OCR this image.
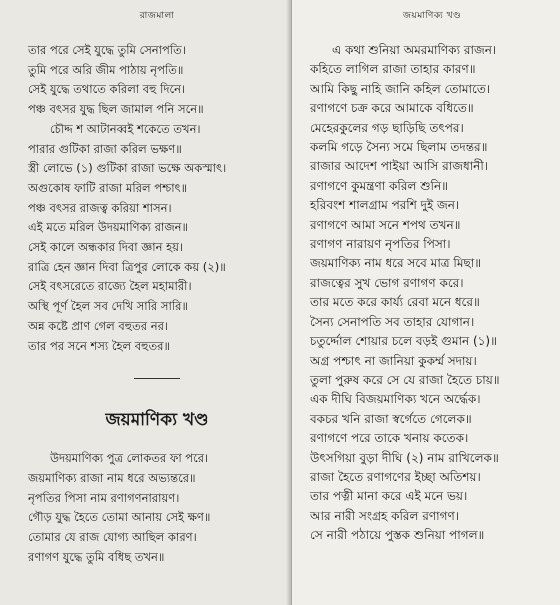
রাজমালা
তার পরে সেই যুদ্ধে তুমি সেনাপতি।
তুমি পরে অরি জীম পাঠায় নৃপতি॥
সেই যুদ্ধে তথাতে করিলা বহু দিনে।
পঞ্চ বৎসর যুদ্ধ ছিল জামাল পনি সনে॥
চৌদ্দ শ আটানব্বই শকেতে তখন।
পারার গুটিকা রাজা করিল ভক্ষণ॥
স্ত্রী লোভে (১) গুটিকা রাজা ভক্ষে অকস্মাৎ।
অগুকোষ ফাটি রাজা মরিল পশ্চাৎ॥
পঞ্চ বৎসর রাজত্ব করিয়া শাসন।
এই মতে মরিল উদয়মাণিক্য রাজন॥
সেই কালে অন্ধকার দিবা জ্ঞান হয়।
রাত্রি হেন জ্ঞান দিবা ত্রিপুর লোকে কয় (২)॥
সেই বৎসরেতে রাজ্যে হৈল মহামারী।
অস্থি পূর্ণ হৈল সব দেখি সারি সারি॥
অন্ন কষ্টে প্রাণ গেল বহুতর নর।
তার পর সনে শস্য হৈল বহুতর॥
জয়মাণিক্য খণ্ড
উদয়মাণিক্য পুত্র লোকতর ফা পরে।
জয়মাণিক্য রাজা নাম ধরে অভ্যন্তরে॥
নৃপতির পিসা নাম রণাগণনারায়ণ।
গৌড় যুদ্ধ হৈতে তোমা আনায় সেই ক্ষণ॥
তোমার যে রাজ যোগ্য আছিল কারণ।
রণাগণ যুদ্ধে তুমি বধিছ তখন॥
জয়মাণিক্য খণ্ড
এ কথা শুনিয়া অমরমাণিক্য রাজন।
কহিতে লাগিল রাজা তাহার কারণ॥
আমি কিছু নাহি জানি কহিল তোমাতে।
রণাগণে চক্র করে আমাকে বধিতে॥
মেহেরকুলের গড় ছাড়িছি তৎপর।
কলমি গড়ে সৈন্য সমে ছিলাম তদন্তর॥
রাজার আদেশ পাইয়া আসি রাজধানী।
রণাগণে কুমন্ত্রণা করিল শুনি॥
হরিবংশ শালগ্রাম পরশি দুই জন।
রণাগণে আমা সনে শপথ তখন॥
রণাগণ নারায়ণ নৃপতির পিসা।
জয়মাণিক্য নাম ধরে সবে মাত্র মিছা॥
রাজত্বের সুখ ভোগ রণাগণ করে।
তার মতে করে কার্য্য রেবা মনে ধরে॥
সৈন্য সেনাপতি সব তাহার যোগান।
চতুর্দ্দোল শোয়ার চলে বড়ই গুমান (১)॥
অগ্র পশ্চাৎ না জানিয়া কুকর্ম্ম সদায়।
তুলা পুরুষ করে সে যে রাজা হৈতে চায়॥
এক দীঘি বিজয়মাণিক্য খনে অর্দ্ধেক।
বকচর খনি রাজা স্বর্গেতে গেলেক॥
রণাগণে পরে তাকে খনায় কতেক।
উৎসগিয়া বুড়া দীঘি (২) নাম রাখিলেক॥
রাজা হৈতে রণাগণের ইচ্ছা অতিশয়।
তার পত্নী মানা করে এই মনে ভয়।
আর নারী সংগ্রহ করিল রণাগণ।
সে নারী পঠায়ে পুস্তক শুনিয়া পাগল॥
